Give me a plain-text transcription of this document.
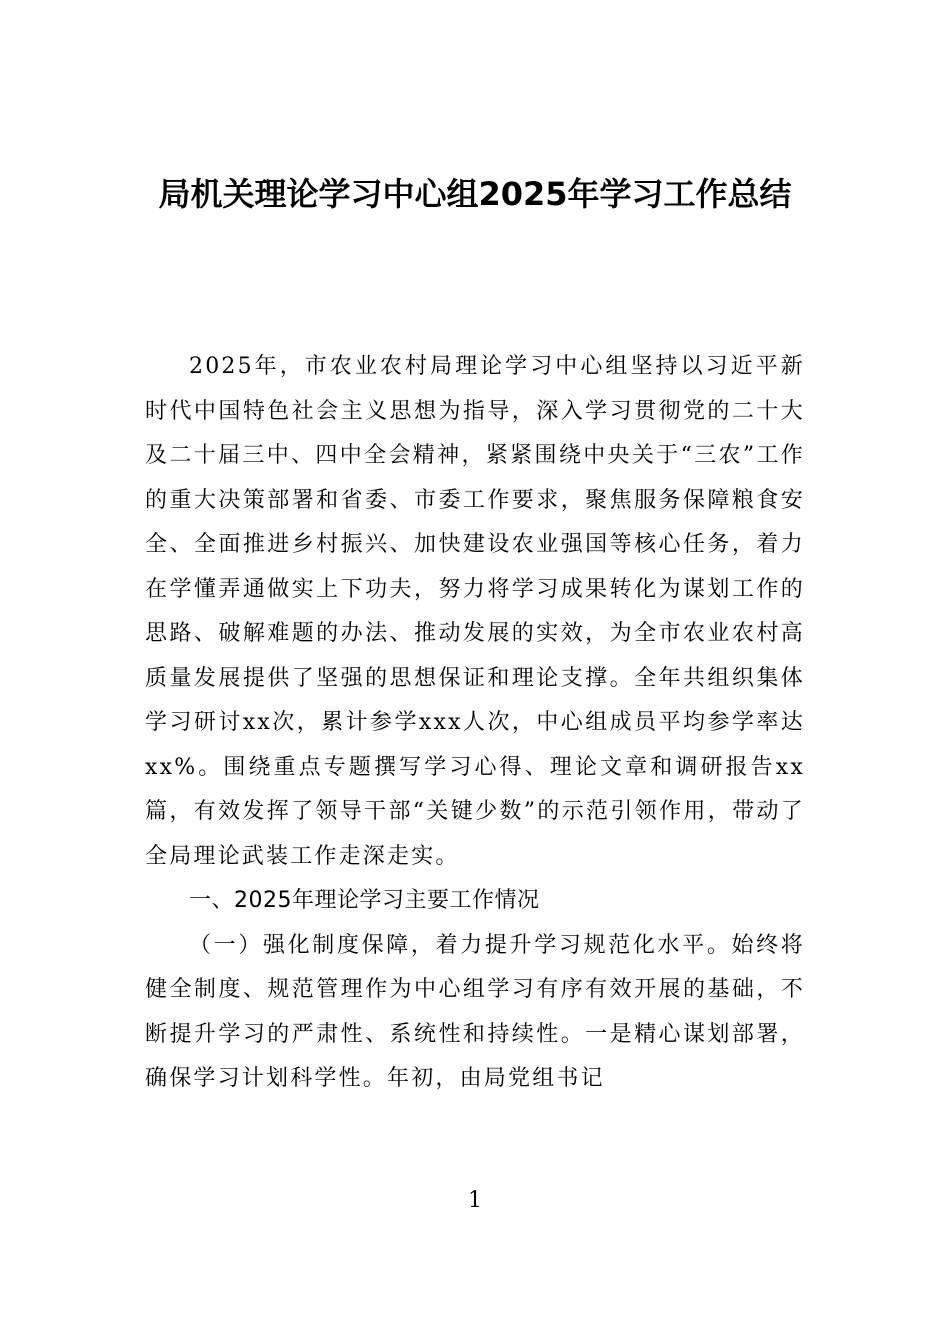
局机关理论学习中心组2025年学习工作总结

2025年，市农业农村局理论学习中心组坚持以习近平新时代中国特色社会主义思想为指导，深入学习贯彻党的二十大及二十届三中、四中全会精神，紧紧围绕中央关于“三农”工作的重大决策部署和省委、市委工作要求，聚焦服务保障粮食安全、全面推进乡村振兴、加快建设农业强国等核心任务，着力在学懂弄通做实上下功夫，努力将学习成果转化为谋划工作的思路、破解难题的办法、推动发展的实效，为全市农业农村高质量发展提供了坚强的思想保证和理论支撑。全年共组织集体学习研讨xx次，累计参学xxx人次，中心组成员平均参学率达xx%。围绕重点专题撰写学习心得、理论文章和调研报告xx篇，有效发挥了领导干部“关键少数”的示范引领作用，带动了全局理论武装工作走深走实。

一、2025年理论学习主要工作情况

（一）强化制度保障，着力提升学习规范化水平。始终将健全制度、规范管理作为中心组学习有序有效开展的基础，不断提升学习的严肃性、系统性和持续性。一是精心谋划部署，确保学习计划科学性。年初，由局党组书记

1
